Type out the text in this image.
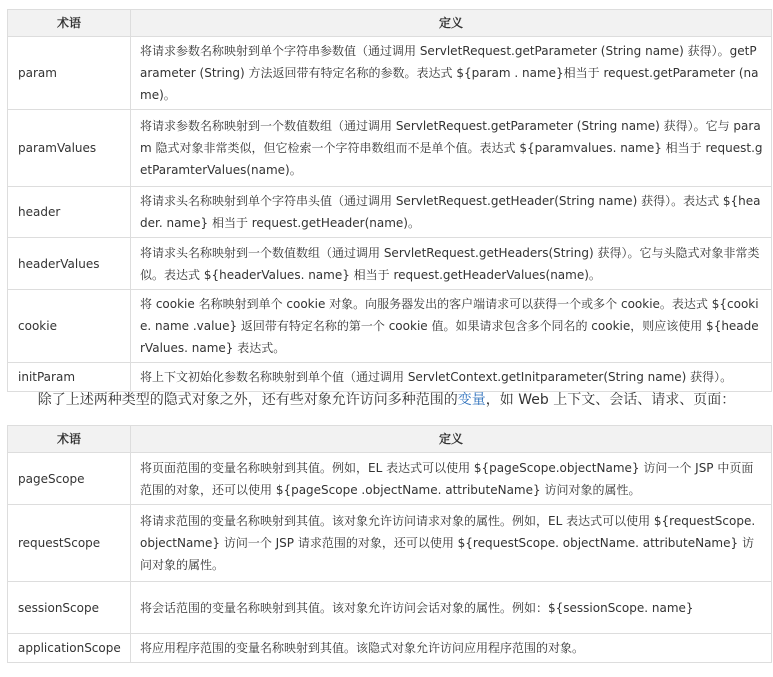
术语	定义
param	将请求参数名称映射到单个字符串参数值（通过调用 ServletRequest.getParameter (String name) 获得）。getParameter (String) 方法返回带有特定名称的参数。表达式 ${param . name}相当于 request.getParameter (name)。
paramValues	将请求参数名称映射到一个数值数组（通过调用 ServletRequest.getParameter (String name) 获得）。它与 param 隐式对象非常类似，但它检索一个字符串数组而不是单个值。表达式 ${paramvalues. name} 相当于 request.getParamterValues(name)。
header	将请求头名称映射到单个字符串头值（通过调用 ServletRequest.getHeader(String name) 获得）。表达式 ${header. name} 相当于 request.getHeader(name)。
headerValues	将请求头名称映射到一个数值数组（通过调用 ServletRequest.getHeaders(String) 获得）。它与头隐式对象非常类似。表达式 ${headerValues. name} 相当于 request.getHeaderValues(name)。
cookie	将 cookie 名称映射到单个 cookie 对象。向服务器发出的客户端请求可以获得一个或多个 cookie。表达式 ${cookie. name .value} 返回带有特定名称的第一个 cookie 值。如果请求包含多个同名的 cookie，则应该使用 ${headerValues. name} 表达式。
initParam	将上下文初始化参数名称映射到单个值（通过调用 ServletContext.getInitparameter(String name) 获得）。

除了上述两种类型的隐式对象之外，还有些对象允许访问多种范围的变量，如 Web 上下文、会话、请求、页面：

术语	定义
pageScope	将页面范围的变量名称映射到其值。例如，EL 表达式可以使用 ${pageScope.objectName} 访问一个 JSP 中页面范围的对象，还可以使用 ${pageScope .objectName. attributeName} 访问对象的属性。
requestScope	将请求范围的变量名称映射到其值。该对象允许访问请求对象的属性。例如，EL 表达式可以使用 ${requestScope. objectName} 访问一个 JSP 请求范围的对象，还可以使用 ${requestScope. objectName. attributeName} 访问对象的属性。
sessionScope	将会话范围的变量名称映射到其值。该对象允许访问会话对象的属性。例如：${sessionScope. name}
applicationScope	将应用程序范围的变量名称映射到其值。该隐式对象允许访问应用程序范围的对象。
